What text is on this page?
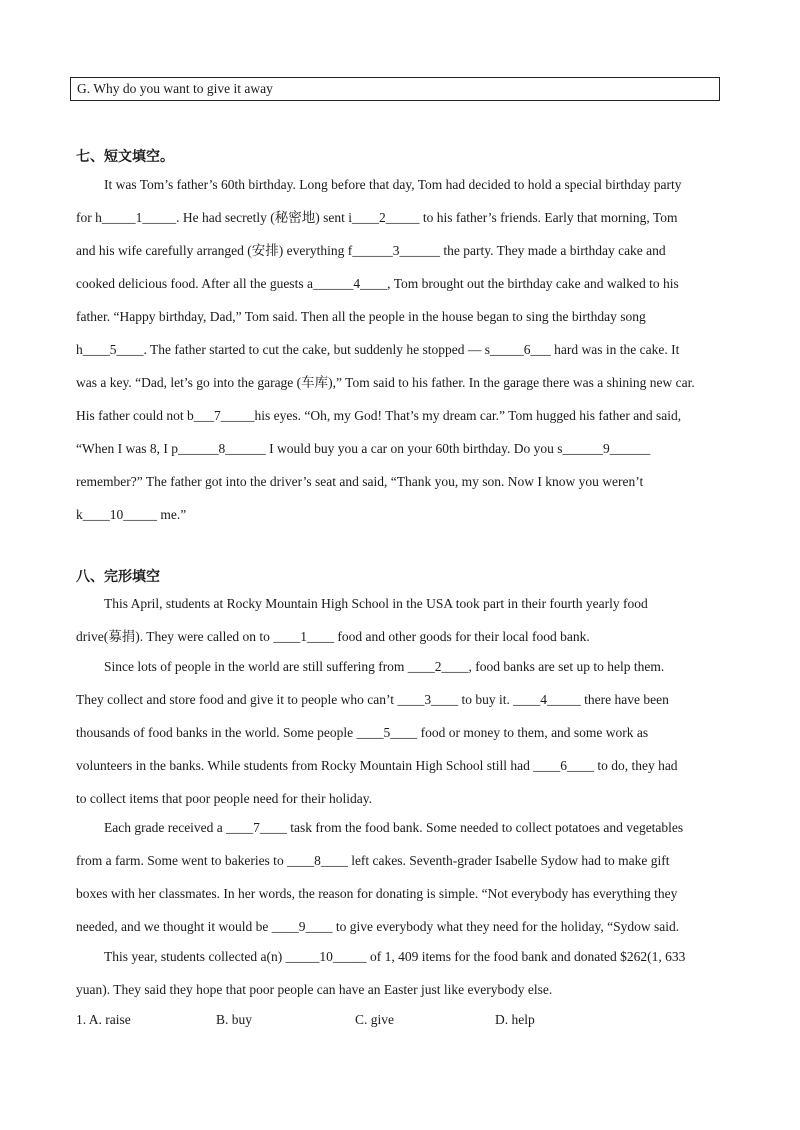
G. Why do you want to give it away
七、短文填空。
It was Tom’s father’s 60th birthday. Long before that day, Tom had decided to hold a special birthday party
for h_____1_____. He had secretly (秘密地) sent i____2_____ to his father’s friends. Early that morning, Tom
and his wife carefully arranged (安排) everything f______3______ the party. They made a birthday cake and
cooked delicious food. After all the guests a______4____, Tom brought out the birthday cake and walked to his
father. “Happy birthday, Dad,” Tom said. Then all the people in the house began to sing the birthday song
h____5____. The father started to cut the cake, but suddenly he stopped — s_____6___ hard was in the cake. It
was a key. “Dad, let’s go into the garage (车库),” Tom said to his father. In the garage there was a shining new car.
His father could not b___7_____his eyes. “Oh, my God! That’s my dream car.” Tom hugged his father and said,
“When I was 8, I p______8______ I would buy you a car on your 60th birthday. Do you s______9______
remember?” The father got into the driver’s seat and said, “Thank you, my son. Now I know you weren’t
k____10_____ me.”
八、完形填空
This April, students at Rocky Mountain High School in the USA took part in their fourth yearly food
drive(募捐). They were called on to ____1____ food and other goods for their local food bank.
Since lots of people in the world are still suffering from ____2____, food banks are set up to help them.
They collect and store food and give it to people who can’t ____3____ to buy it. ____4_____ there have been
thousands of food banks in the world. Some people ____5____ food or money to them, and some work as
volunteers in the banks. While students from Rocky Mountain High School still had ____6____ to do, they had
to collect items that poor people need for their holiday.
Each grade received a ____7____ task from the food bank. Some needed to collect potatoes and vegetables
from a farm. Some went to bakeries to ____8____ left cakes. Seventh-grader Isabelle Sydow had to make gift
boxes with her classmates. In her words, the reason for donating is simple. “Not everybody has everything they
needed, and we thought it would be ____9____ to give everybody what they need for the holiday, “Sydow said.
This year, students collected a(n) _____10_____ of 1, 409 items for the food bank and donated $262(1, 633
yuan). They said they hope that poor people can have an Easter just like everybody else.
1. A. raise	B. buy	C. give	D. help
